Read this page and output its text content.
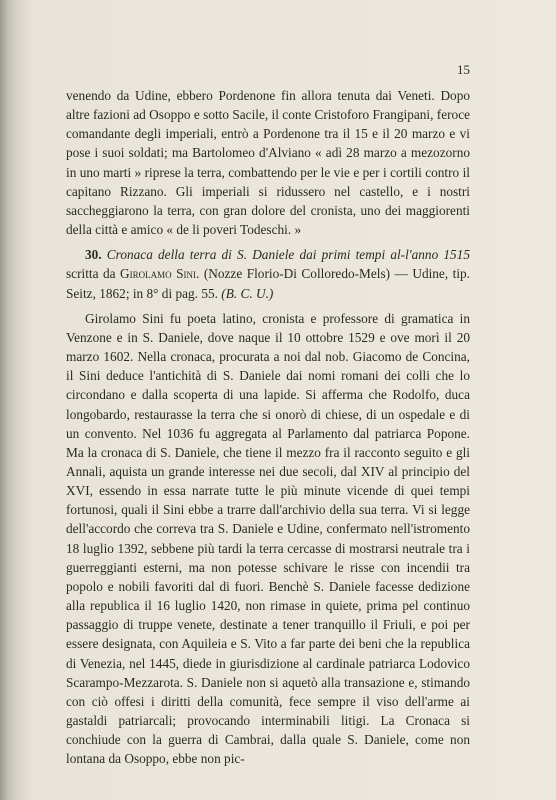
15

venendo da Udine, ebbero Pordenone fin allora tenuta dai Veneti. Dopo altre fazioni ad Osoppo e sotto Sacile, il conte Cristoforo Frangipani, feroce comandante degli imperiali, entrò a Pordenone tra il 15 e il 20 marzo e vi pose i suoi soldati; ma Bartolomeo d'Alviano « adì 28 marzo a mezozorno in uno marti » riprese la terra, combattendo per le vie e per i cortili contro il capitano Rizzano. Gli imperiali si ridussero nel castello, e i nostri saccheggiarono la terra, con gran dolore del cronista, uno dei maggiorenti della città e amico « de li poveri Todeschi. »

30. Cronaca della terra di S. Daniele dai primi tempi al-l'anno 1515 scritta da Girolamo Sini. (Nozze Florio-Di Colloredo-Mels) — Udine, tip. Seitz, 1862; in 8° di pag. 55. (B. C. U.)

Girolamo Sini fu poeta latino, cronista e professore di gramatica in Venzone e in S. Daniele, dove naque il 10 ottobre 1529 e ove morì il 20 marzo 1602. Nella cronaca, procurata a noi dal nob. Giacomo de Concina, il Sini deduce l'antichità di S. Daniele dai nomi romani dei colli che lo circondano e dalla scoperta di una lapide. Si afferma che Rodolfo, duca longobardo, restaurasse la terra che si onorò di chiese, di un ospedale e di un convento. Nel 1036 fu aggregata al Parlamento dal patriarca Popone. Ma la cronaca di S. Daniele, che tiene il mezzo fra il racconto seguito e gli Annali, aquista un grande interesse nei due secoli, dal XIV al principio del XVI, essendo in essa narrate tutte le più minute vicende di quei tempi fortunosi, quali il Sini ebbe a trarre dall'archivio della sua terra. Vi si legge dell'accordo che correva tra S. Daniele e Udine, confermato nell'istromento 18 luglio 1392, sebbene più tardi la terra cercasse di mostrarsi neutrale tra i guerreggianti esterni, ma non potesse schivare le risse con incendii tra popolo e nobili favoriti dal di fuori. Benchè S. Daniele facesse dedizione alla republica il 16 luglio 1420, non rimase in quiete, prima pel continuo passaggio di truppe venete, destinate a tener tranquillo il Friuli, e poi per essere designata, con Aquileia e S. Vito a far parte dei beni che la republica di Venezia, nel 1445, diede in giurisdizione al cardinale patriarca Lodovico Scarampo-Mezzarota. S. Daniele non si aquetò alla transazione e, stimando con ciò offesi i diritti della comunità, fece sempre il viso dell'arme ai gastaldi patriarcali; provocando interminabili litigi. La Cronaca si conchiude con la guerra di Cambrai, dalla quale S. Daniele, come non lontana da Osoppo, ebbe non pic-
